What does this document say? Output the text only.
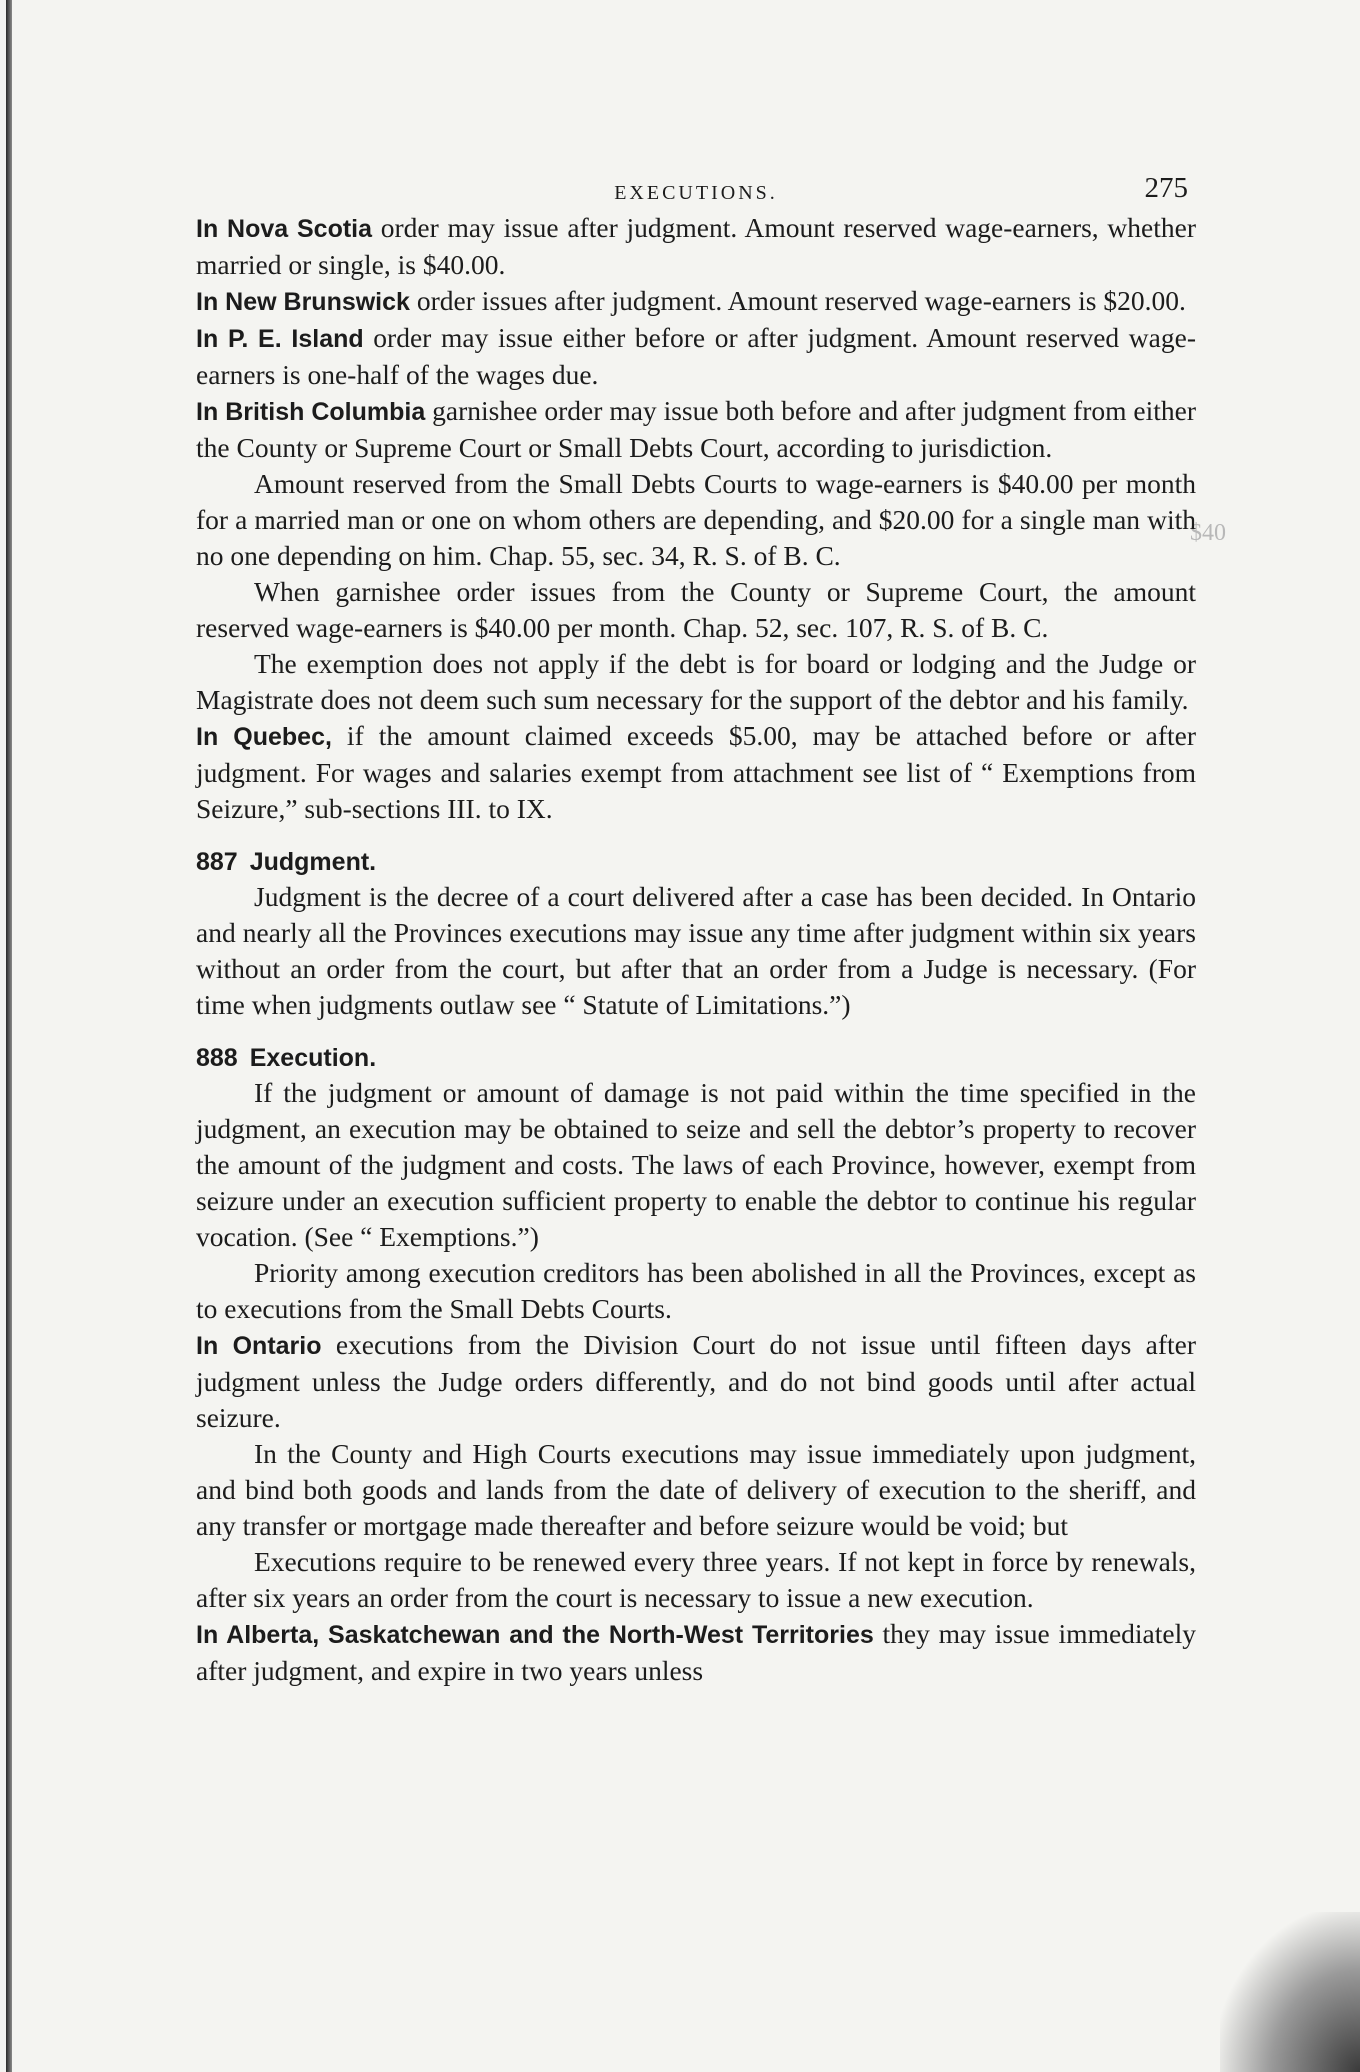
$40
EXECUTIONS.	275

In Nova Scotia order may issue after judgment. Amount reserved wage-earners, whether married or single, is $40.00.

In New Brunswick order issues after judgment. Amount reserved wage-earners is $20.00.

In P. E. Island order may issue either before or after judgment. Amount reserved wage-earners is one-half of the wages due.

In British Columbia garnishee order may issue both before and after judgment from either the County or Supreme Court or Small Debts Court, according to jurisdiction.

Amount reserved from the Small Debts Courts to wage-earners is $40.00 per month for a married man or one on whom others are depending, and $20.00 for a single man with no one depending on him. Chap. 55, sec. 34, R. S. of B. C.

When garnishee order issues from the County or Supreme Court, the amount reserved wage-earners is $40.00 per month. Chap. 52, sec. 107, R. S. of B. C.

The exemption does not apply if the debt is for board or lodging and the Judge or Magistrate does not deem such sum necessary for the support of the debtor and his family.

In Quebec, if the amount claimed exceeds $5.00, may be attached before or after judgment. For wages and salaries exempt from attachment see list of “ Exemptions from Seizure,” sub-sections III. to IX.

887 Judgment.

Judgment is the decree of a court delivered after a case has been decided. In Ontario and nearly all the Provinces executions may issue any time after judgment within six years without an order from the court, but after that an order from a Judge is necessary. (For time when judgments outlaw see “ Statute of Limitations.”)

888 Execution.

If the judgment or amount of damage is not paid within the time specified in the judgment, an execution may be obtained to seize and sell the debtor’s property to recover the amount of the judgment and costs. The laws of each Province, however, exempt from seizure under an execution sufficient property to enable the debtor to continue his regular vocation. (See “ Exemptions.”)

Priority among execution creditors has been abolished in all the Provinces, except as to executions from the Small Debts Courts.

In Ontario executions from the Division Court do not issue until fifteen days after judgment unless the Judge orders differently, and do not bind goods until after actual seizure.

In the County and High Courts executions may issue immediately upon judgment, and bind both goods and lands from the date of delivery of execution to the sheriff, and any transfer or mortgage made thereafter and before seizure would be void; but

Executions require to be renewed every three years. If not kept in force by renewals, after six years an order from the court is necessary to issue a new execution.

In Alberta, Saskatchewan and the North-West Territories they may issue immediately after judgment, and expire in two years unless
